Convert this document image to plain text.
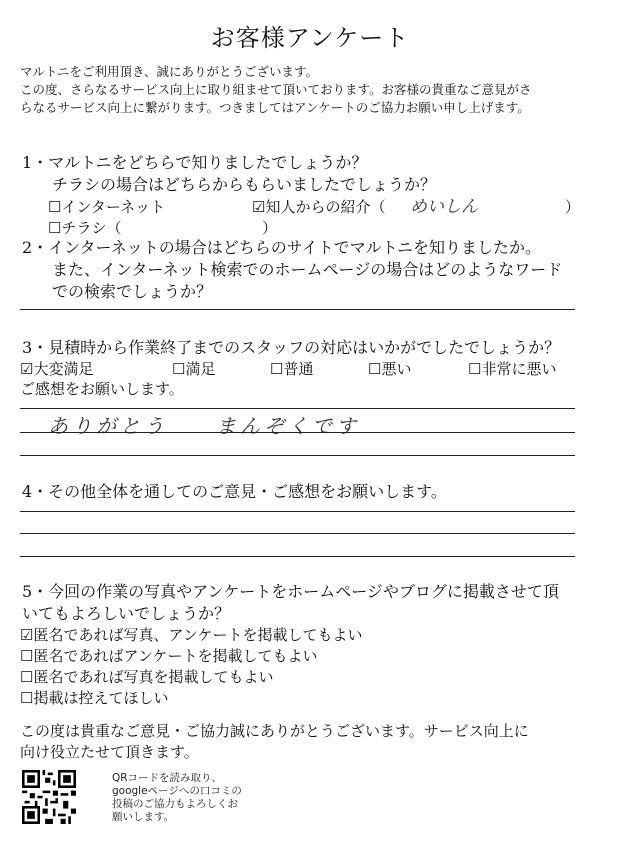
お客様アンケート
マルトニをご利用頂き、誠にありがとうございます。
この度、さらなるサービス向上に取り組ませて頂いております。お客様の貴重なご意見がさ
らなるサービス向上に繋がります。つきましてはアンケートのご協力お願い申し上げます。
1・マルトニをどちらで知りましたでしょうか？
チラシの場合はどちらからもらいましたでしょうか？
☐インターネット	☑知人からの紹介（ めいしん	）
☐チラシ（	）
2・インターネットの場合はどちらのサイトでマルトニを知りましたか。
また、インターネット検索でのホームページの場合はどのようなワード
での検索でしょうか？
3・見積時から作業終了までのスタッフの対応はいかがでしたでしょうか？
☑大変満足	☐満足	☐普通	☐悪い	☐非常に悪い
ご感想をお願いします。
ありがとう　　まんぞくです
4・その他全体を通してのご意見・ご感想をお願いします。
5・今回の作業の写真やアンケートをホームページやブログに掲載させて頂
いてもよろしいでしょうか？
☑匿名であれば写真、アンケートを掲載してもよい
☐匿名であればアンケートを掲載してもよい
☐匿名であれば写真を掲載してもよい
☐掲載は控えてほしい
この度は貴重なご意見・ご協力誠にありがとうございます。サービス向上に
向け役立たせて頂きます。
QRコードを読み取り、
googleページへの口コミの
投稿のご協力もよろしくお
願いします。
